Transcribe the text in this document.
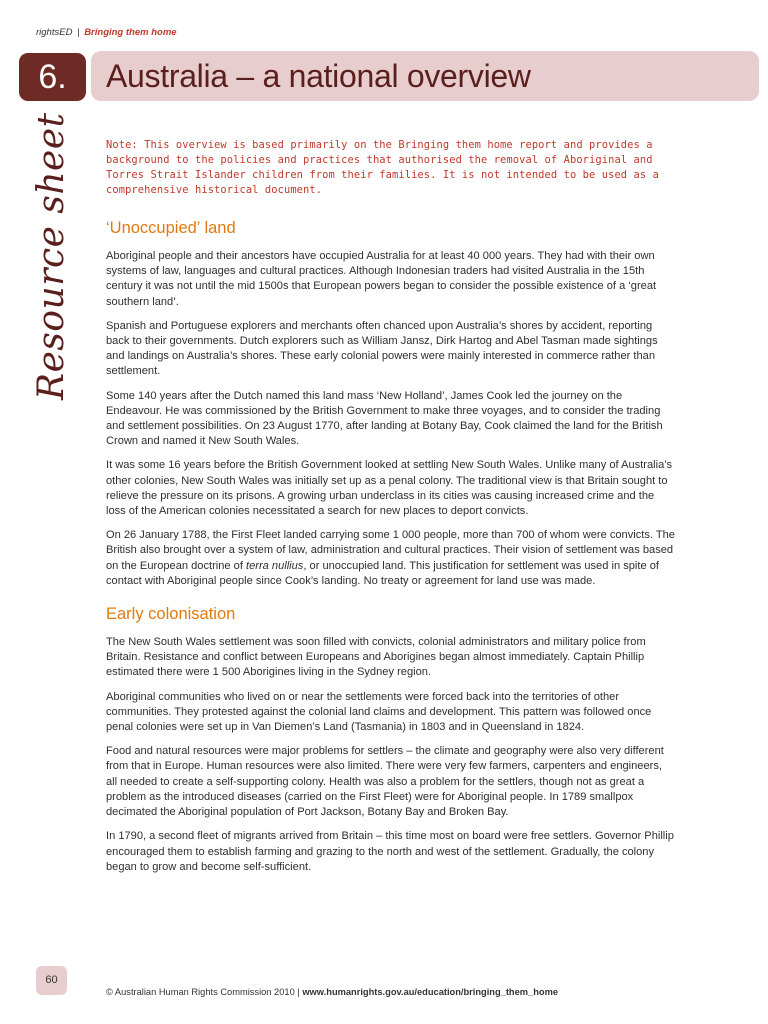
rightsED | Bringing them home
6.	Australia – a national overview
Resource sheet	Note: This overview is based primarily on the Bringing them home report and provides a background to the policies and practices that authorised the removal of Aboriginal and Torres Strait Islander children from their families. It is not intended to be used as a comprehensive historical document.

‘Unoccupied’ land

Aboriginal people and their ancestors have occupied Australia for at least 40 000 years. They had with their own systems of law, languages and cultural practices. Although Indonesian traders had visited Australia in the 15th century it was not until the mid 1500s that European powers began to consider the possible existence of a ‘great southern land’.

Spanish and Portuguese explorers and merchants often chanced upon Australia’s shores by accident, reporting back to their governments. Dutch explorers such as William Jansz, Dirk Hartog and Abel Tasman made sightings and landings on Australia’s shores. These early colonial powers were mainly interested in commerce rather than settlement.

Some 140 years after the Dutch named this land mass ‘New Holland’, James Cook led the journey on the Endeavour. He was commissioned by the British Government to make three voyages, and to consider the trading and settlement possibilities. On 23 August 1770, after landing at Botany Bay, Cook claimed the land for the British Crown and named it New South Wales.

It was some 16 years before the British Government looked at settling New South Wales. Unlike many of Australia’s other colonies, New South Wales was initially set up as a penal colony. The traditional view is that Britain sought to relieve the pressure on its prisons. A growing urban underclass in its cities was causing increased crime and the loss of the American colonies necessitated a search for new places to deport convicts.

On 26 January 1788, the First Fleet landed carrying some 1 000 people, more than 700 of whom were convicts. The British also brought over a system of law, administration and cultural practices. Their vision of settlement was based on the European doctrine of terra nullius, or unoccupied land. This justification for settlement was used in spite of contact with Aboriginal people since Cook’s landing. No treaty or agreement for land use was made.

Early colonisation

The New South Wales settlement was soon filled with convicts, colonial administrators and military police from Britain. Resistance and conflict between Europeans and Aborigines began almost immediately. Captain Phillip estimated there were 1 500 Aborigines living in the Sydney region.

Aboriginal communities who lived on or near the settlements were forced back into the territories of other communities. They protested against the colonial land claims and development. This pattern was followed once penal colonies were set up in Van Diemen’s Land (Tasmania) in 1803 and in Queensland in 1824.

Food and natural resources were major problems for settlers – the climate and geography were also very different from that in Europe. Human resources were also limited. There were very few farmers, carpenters and engineers, all needed to create a self-supporting colony. Health was also a problem for the settlers, though not as great a problem as the introduced diseases (carried on the First Fleet) were for Aboriginal people. In 1789 smallpox decimated the Aboriginal population of Port Jackson, Botany Bay and Broken Bay.

In 1790, a second fleet of migrants arrived from Britain – this time most on board were free settlers. Governor Phillip encouraged them to establish farming and grazing to the north and west of the settlement. Gradually, the colony began to grow and become self-sufficient.

60
© Australian Human Rights Commission 2010 | www.humanrights.gov.au/education/bringing_them_home
